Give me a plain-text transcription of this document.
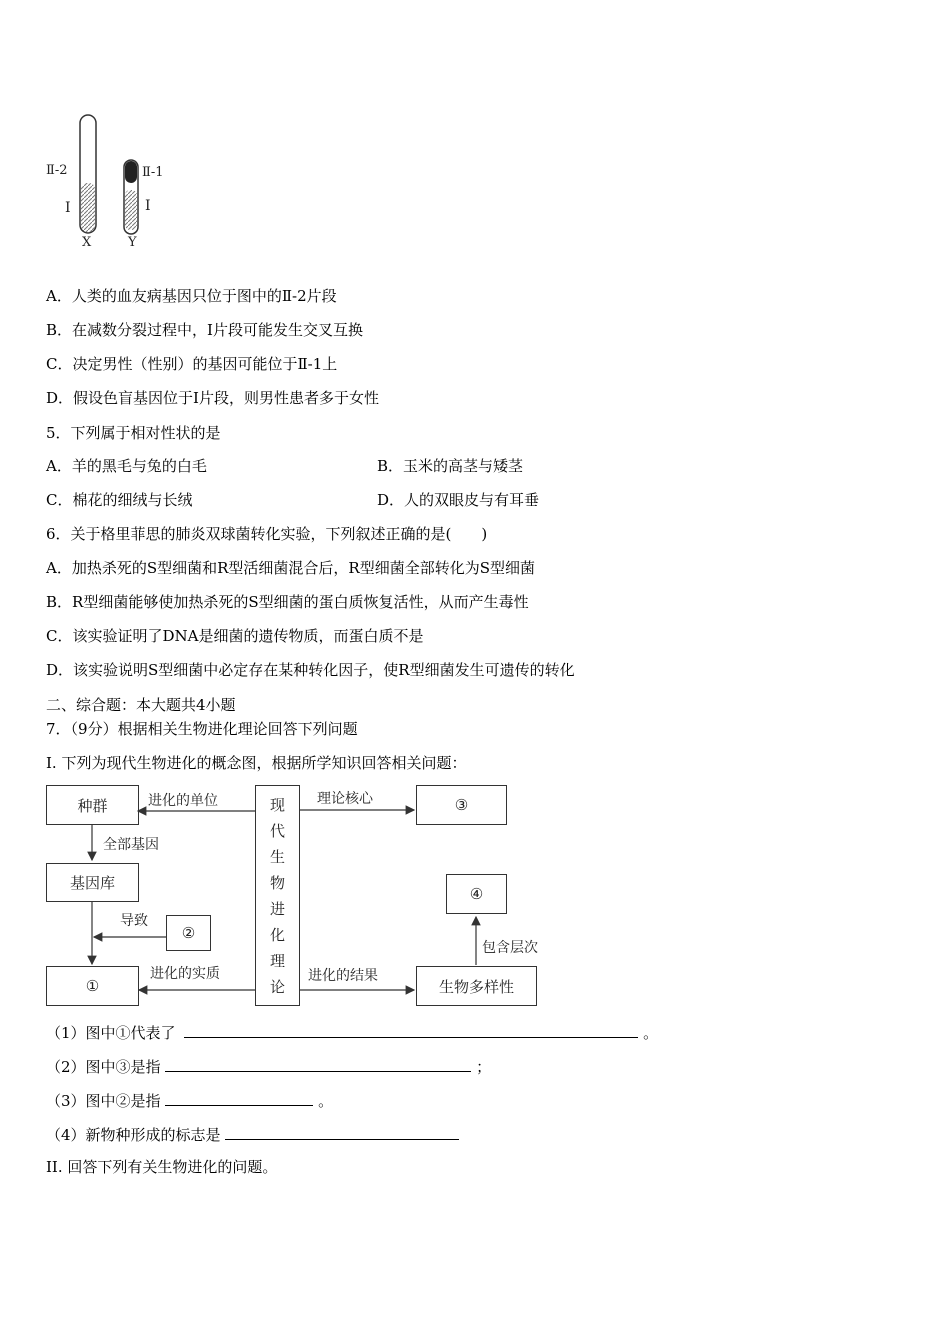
Ⅱ-2
Ⅰ
X
Ⅱ-1
Ⅰ
Y
A．人类的血友病基因只位于图中的Ⅱ-2片段
B．在减数分裂过程中，I片段可能发生交叉互换
C．决定男性（性别）的基因可能位于Ⅱ-1上
D．假设色盲基因位于I片段，则男性患者多于女性
5．下列属于相对性状的是
A．羊的黑毛与兔的白毛	B．玉米的高茎与矮茎
C．棉花的细绒与长绒	D．人的双眼皮与有耳垂
6．关于格里菲思的肺炎双球菌转化实验，下列叙述正确的是(　　)
A．加热杀死的S型细菌和R型活细菌混合后，R型细菌全部转化为S型细菌
B．R型细菌能够使加热杀死的S型细菌的蛋白质恢复活性，从而产生毒性
C．该实验证明了DNA是细菌的遗传物质，而蛋白质不是
D．该实验说明S型细菌中必定存在某种转化因子，使R型细菌发生可遗传的转化
二、综合题：本大题共4小题
7．（9分）根据相关生物进化理论回答下列问题
I. 下列为现代生物进化的概念图，根据所学知识回答相关问题：
种群
基因库
②
①
现
代
生
物
进
化
理
论
③
④
生物多样性
进化的单位
全部基因
导致
进化的实质
理论核心
进化的结果
包含层次
（1）图中①代表了	。
（2）图中③是指	；
（3）图中②是指	。
（4）新物种形成的标志是
II. 回答下列有关生物进化的问题。
